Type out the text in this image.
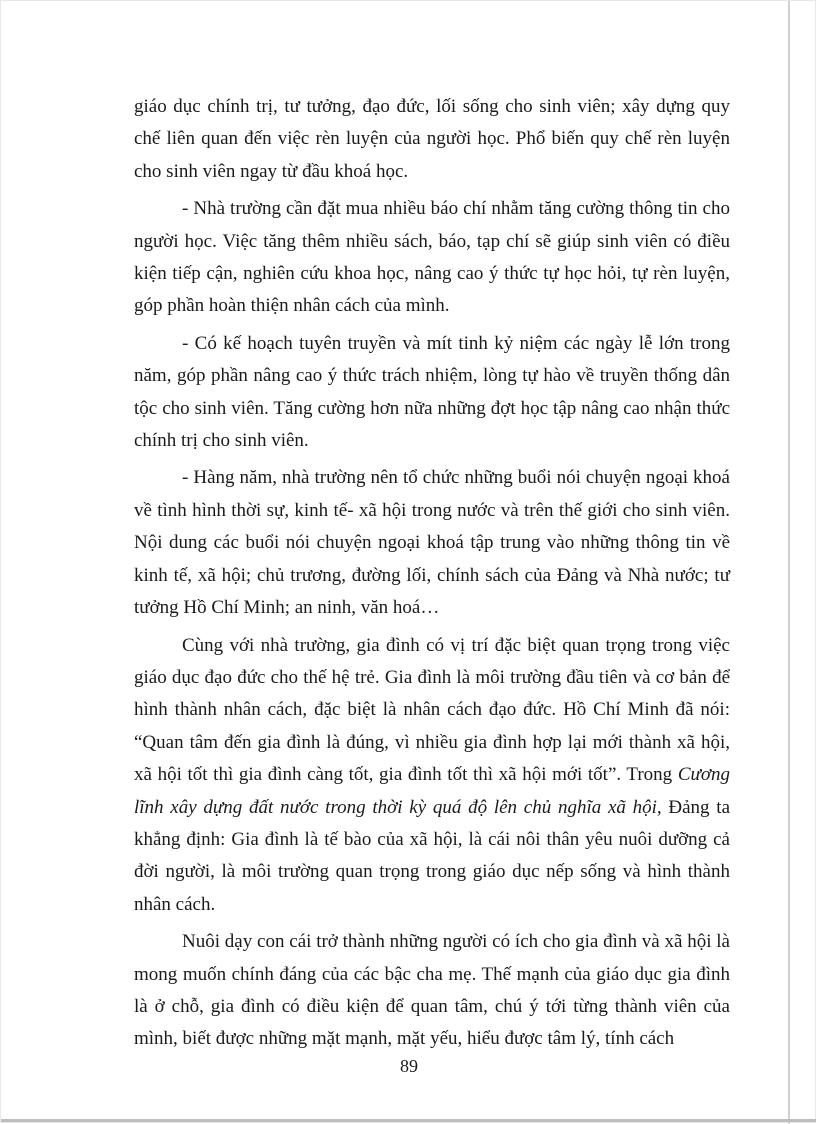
giáo dục chính trị, tư tưởng, đạo đức, lối sống cho sinh viên; xây dựng quy chế liên quan đến việc rèn luyện của người học. Phổ biến quy chế rèn luyện cho sinh viên ngay từ đầu khoá học.

- Nhà trường cần đặt mua nhiều báo chí nhằm tăng cường thông tin cho người học. Việc tăng thêm nhiều sách, báo, tạp chí sẽ giúp sinh viên có điều kiện tiếp cận, nghiên cứu khoa học, nâng cao ý thức tự học hỏi, tự rèn luyện, góp phần hoàn thiện nhân cách của mình.

- Có kế hoạch tuyên truyền và mít tinh kỷ niệm các ngày lễ lớn trong năm, góp phần nâng cao ý thức trách nhiệm, lòng tự hào về truyền thống dân tộc cho sinh viên. Tăng cường hơn nữa những đợt học tập nâng cao nhận thức chính trị cho sinh viên.

- Hàng năm, nhà trường nên tổ chức những buổi nói chuyện ngoại khoá về tình hình thời sự, kinh tế- xã hội trong nước và trên thế giới cho sinh viên. Nội dung các buổi nói chuyện ngoại khoá tập trung vào những thông tin về kinh tế, xã hội; chủ trương, đường lối, chính sách của Đảng và Nhà nước; tư tưởng Hồ Chí Minh; an ninh, văn hoá…

Cùng với nhà trường, gia đình có vị trí đặc biệt quan trọng trong việc giáo dục đạo đức cho thế hệ trẻ. Gia đình là môi trường đầu tiên và cơ bản để hình thành nhân cách, đặc biệt là nhân cách đạo đức. Hồ Chí Minh đã nói: “Quan tâm đến gia đình là đúng, vì nhiều gia đình hợp lại mới thành xã hội, xã hội tốt thì gia đình càng tốt, gia đình tốt thì xã hội mới tốt”. Trong Cương lĩnh xây dựng đất nước trong thời kỳ quá độ lên chủ nghĩa xã hội, Đảng ta khẳng định: Gia đình là tế bào của xã hội, là cái nôi thân yêu nuôi dưỡng cả đời người, là môi trường quan trọng trong giáo dục nếp sống và hình thành nhân cách.

Nuôi dạy con cái trở thành những người có ích cho gia đình và xã hội là mong muốn chính đáng của các bậc cha mẹ. Thế mạnh của giáo dục gia đình là ở chỗ, gia đình có điều kiện để quan tâm, chú ý tới từng thành viên của mình, biết được những mặt mạnh, mặt yếu, hiểu được tâm lý, tính cách

89
